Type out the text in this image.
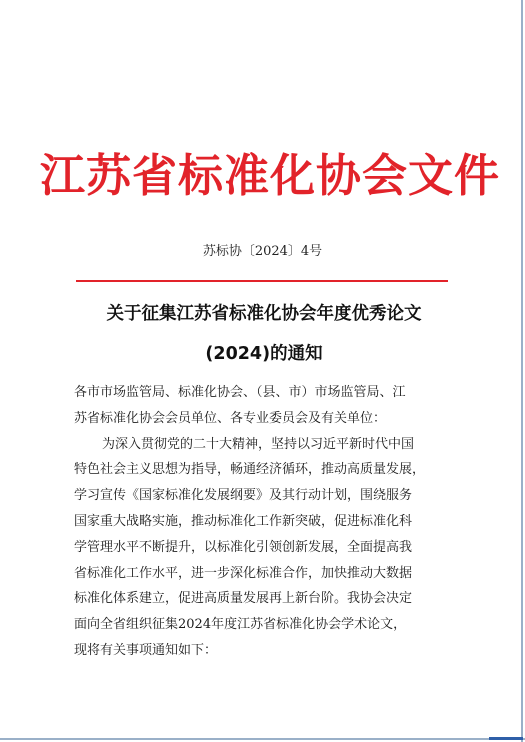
江苏省标准化协会文件
苏标协〔2024〕4号
关于征集江苏省标准化协会年度优秀论文
(2024)的通知
各市市场监管局、标准化协会、（县、市）市场监管局、江
苏省标准化协会会员单位、各专业委员会及有关单位：
为深入贯彻党的二十大精神，坚持以习近平新时代中国
特色社会主义思想为指导，畅通经济循环，推动高质量发展，
学习宣传《国家标准化发展纲要》及其行动计划，围绕服务
国家重大战略实施，推动标准化工作新突破，促进标准化科
学管理水平不断提升，以标准化引领创新发展，全面提高我
省标准化工作水平，进一步深化标准合作，加快推动大数据
标准化体系建立，促进高质量发展再上新台阶。我协会决定
面向全省组织征集2024年度江苏省标准化协会学术论文，
现将有关事项通知如下：
